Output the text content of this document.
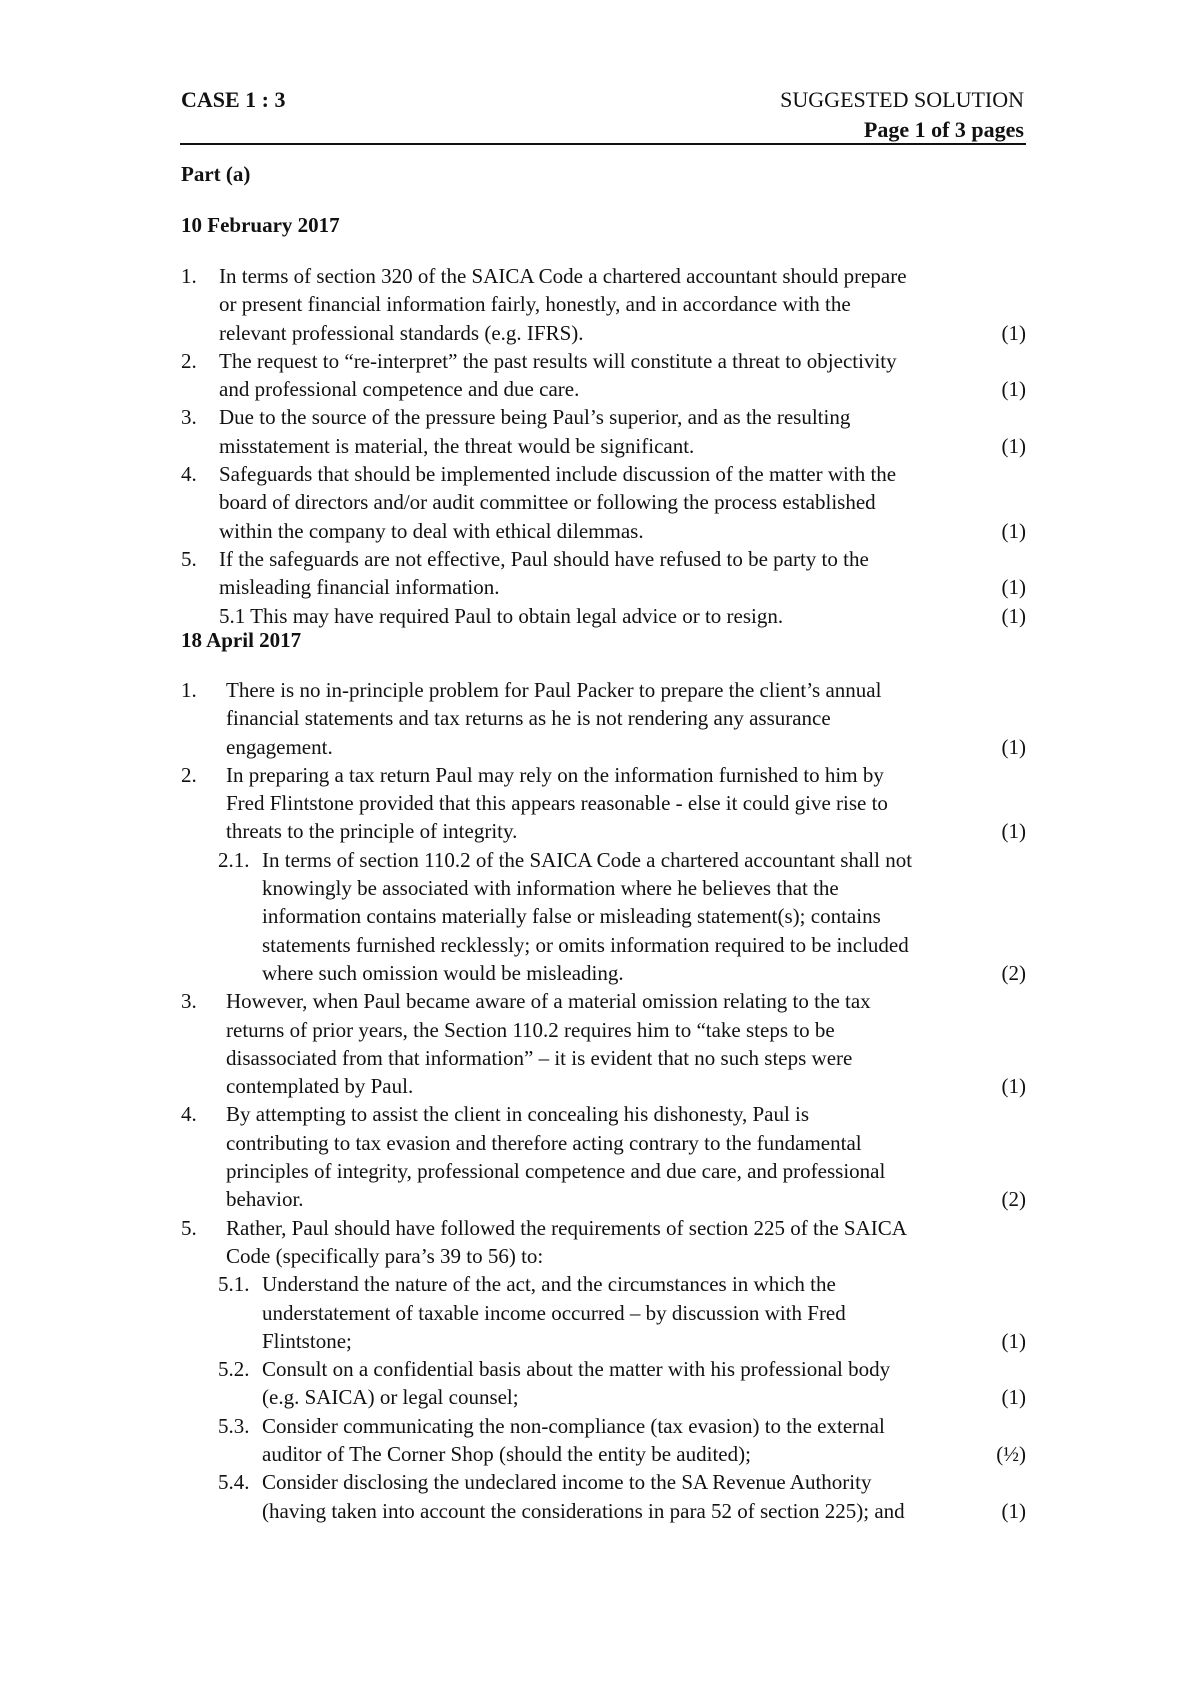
CASE 1 : 3	SUGGESTED SOLUTION
Page 1 of 3 pages
Part (a)
10 February 2017
1.	In terms of section 320 of the SAICA Code a chartered accountant should prepare
or present financial information fairly, honestly, and in accordance with the
relevant professional standards (e.g. IFRS).	(1)
2.	The request to “re-interpret” the past results will constitute a threat to objectivity
and professional competence and due care.	(1)
3.	Due to the source of the pressure being Paul’s superior, and as the resulting
misstatement is material, the threat would be significant.	(1)
4.	Safeguards that should be implemented include discussion of the matter with the
board of directors and/or audit committee or following the process established
within the company to deal with ethical dilemmas.	(1)
5.	If the safeguards are not effective, Paul should have refused to be party to the
misleading financial information.	(1)
5.1 This may have required Paul to obtain legal advice or to resign.	(1)
18 April 2017
1.	There is no in-principle problem for Paul Packer to prepare the client’s annual
financial statements and tax returns as he is not rendering any assurance
engagement.	(1)
2.	In preparing a tax return Paul may rely on the information furnished to him by
Fred Flintstone provided that this appears reasonable - else it could give rise to
threats to the principle of integrity.	(1)
2.1. In terms of section 110.2 of the SAICA Code a chartered accountant shall not
knowingly be associated with information where he believes that the
information contains materially false or misleading statement(s); contains
statements furnished recklessly; or omits information required to be included
where such omission would be misleading.	(2)
3.	However, when Paul became aware of a material omission relating to the tax
returns of prior years, the Section 110.2 requires him to “take steps to be
disassociated from that information” – it is evident that no such steps were
contemplated by Paul.	(1)
4.	By attempting to assist the client in concealing his dishonesty, Paul is
contributing to tax evasion and therefore acting contrary to the fundamental
principles of integrity, professional competence and due care, and professional
behavior.	(2)
5.	Rather, Paul should have followed the requirements of section 225 of the SAICA
Code (specifically para’s 39 to 56) to:
5.1. Understand the nature of the act, and the circumstances in which the
understatement of taxable income occurred – by discussion with Fred
Flintstone;	(1)
5.2. Consult on a confidential basis about the matter with his professional body
(e.g. SAICA) or legal counsel;	(1)
5.3. Consider communicating the non-compliance (tax evasion) to the external
auditor of The Corner Shop (should the entity be audited);	(½)
5.4. Consider disclosing the undeclared income to the SA Revenue Authority
(having taken into account the considerations in para 52 of section 225); and	(1)
